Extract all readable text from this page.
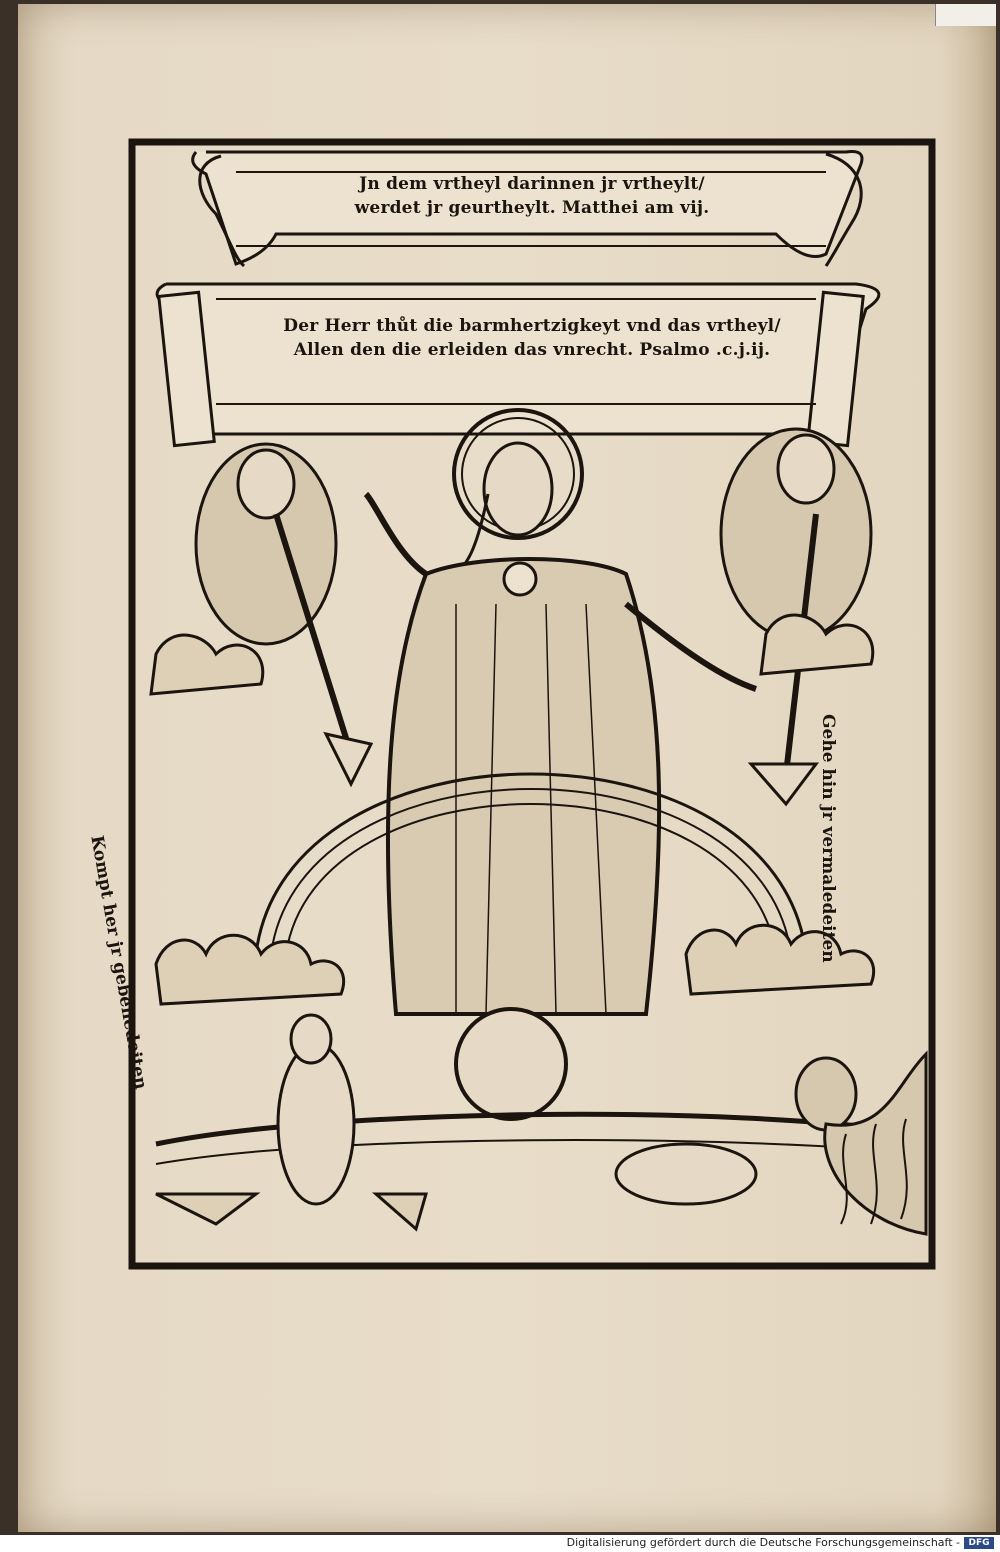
Jn dem vrtheyl darinnen jr vrtheylt/
werdet jr geurtheylt. Matthei am vij.
Der Herr thůt die barmhertzigkeyt vnd das vrtheyl/
Allen den die erleiden das vnrecht. Psalmo .c.j.ij.
Kompt her jr gebenedeiten	Gehe hin jr vermaledeiten
Digitalisierung gefördert durch die Deutsche Forschungsgemeinschaft - DFG
